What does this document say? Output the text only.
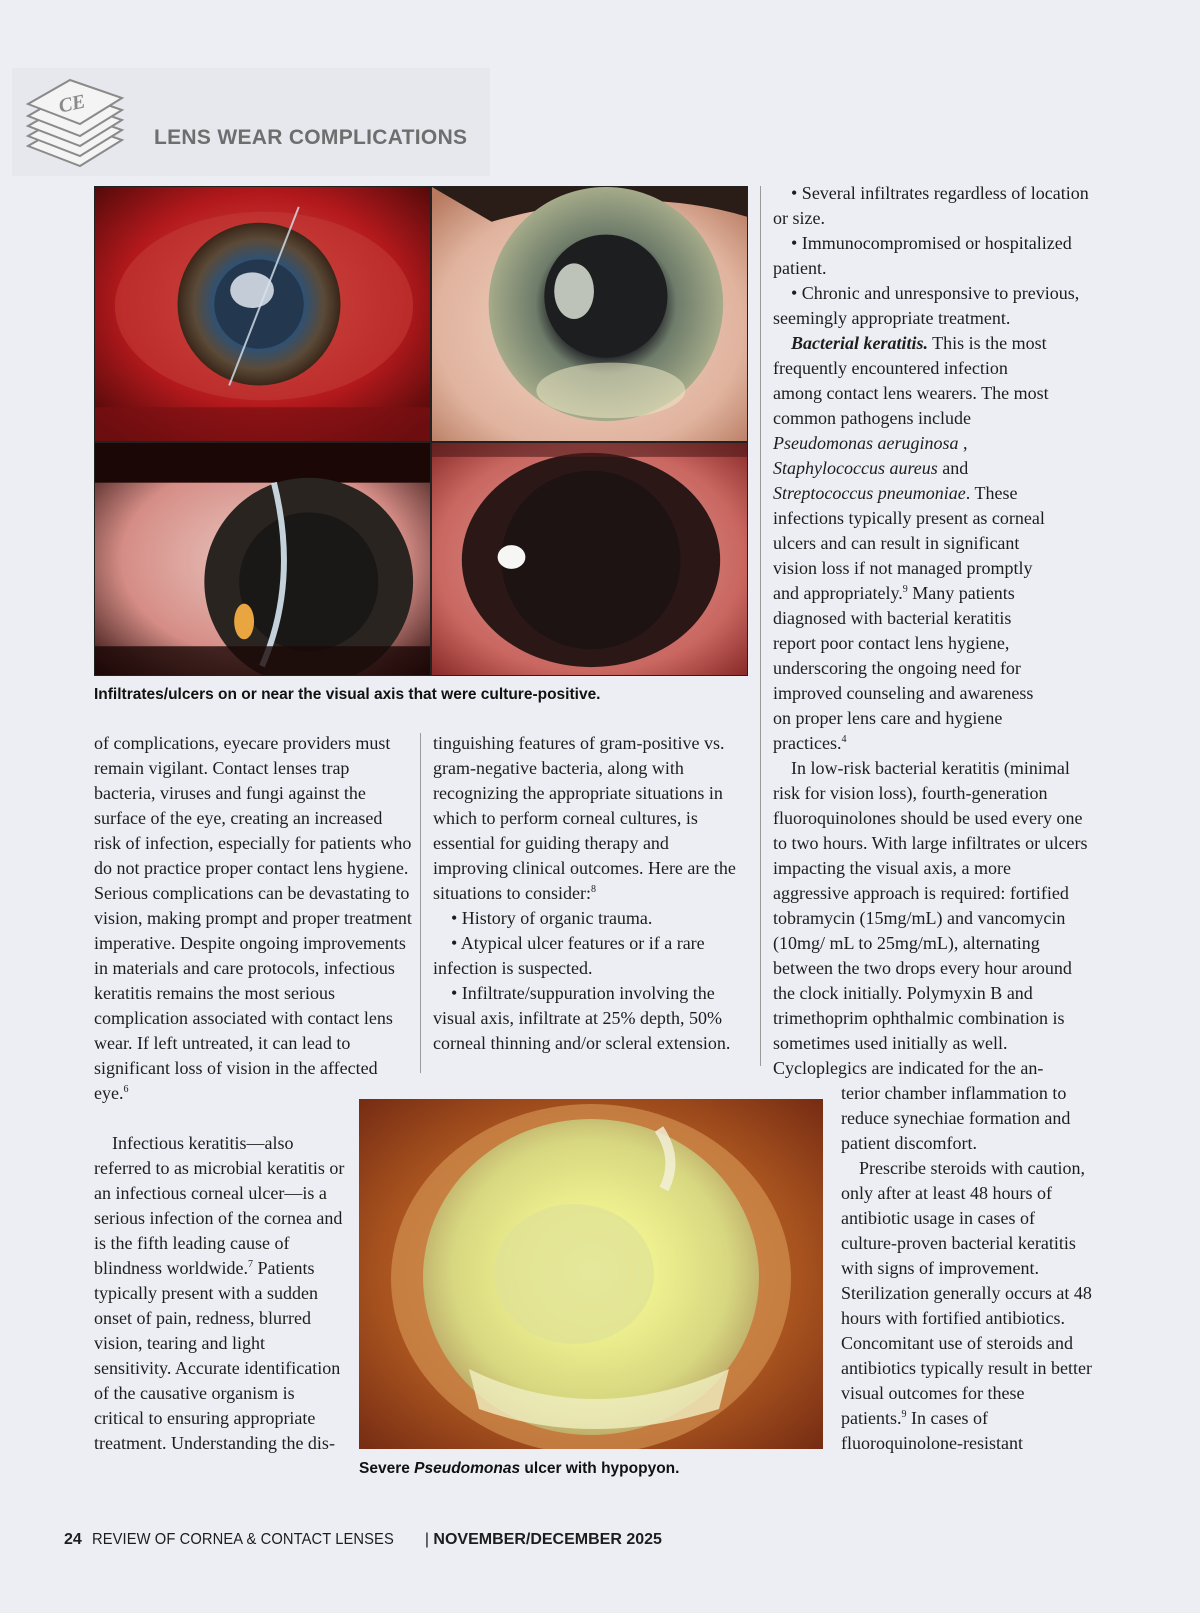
CE
LENS WEAR COMPLICATIONS
Infiltrates/ulcers on or near the visual axis that were culture-positive.

of complications, eyecare providers must remain vigilant. Contact lenses trap bacteria, viruses and fungi against the surface of the eye, creating an increased risk of infection, especially for patients who do not practice proper contact lens hygiene. Serious complications can be devastating to vision, making prompt and proper treatment imperative. Despite ongoing improvements in materials and care protocols, infectious keratitis remains the most serious complication associated with contact lens wear. If left untreated, it can lead to significant loss of vision in the affected eye.$^6$

Infectious keratitis—also referred to as microbial keratitis or an infectious corneal ulcer—is a serious infection of the cornea and is the fifth leading cause of blindness worldwide.$^7$ Patients typically present with a sudden onset of pain, redness, blurred vision, tearing and light sensitivity. Accurate identification of the causative organism is critical to ensuring appropriate treatment. Understanding the dis-

tinguishing features of gram-positive vs. gram-negative bacteria, along with recognizing the appropriate situations in which to perform corneal cultures, is essential for guiding therapy and improving clinical outcomes. Here are the situations to consider:$^8$

• History of organic trauma.

• Atypical ulcer features or if a rare infection is suspected.

• Infiltrate/suppuration involving the visual axis, infiltrate at 25% depth, 50% corneal thinning and/or scleral extension.

• Several infiltrates regardless of location or size.

• Immunocompromised or hospitalized patient.

• Chronic and unresponsive to previous, seemingly appropriate treatment.

Bacterial keratitis. This is the most frequently encountered infection among contact lens wearers. The most common pathogens include Pseudomonas aeruginosa , Staphylococcus aureus and Streptococcus pneumoniae. These infections typically present as corneal ulcers and can result in significant vision loss if not managed promptly and appropriately.$^9$ Many patients diagnosed with bacterial keratitis report poor contact lens hygiene, underscoring the ongoing need for improved counseling and awareness on proper lens care and hygiene practices.$^4$

In low-risk bacterial keratitis (minimal risk for vision loss), fourth-generation fluoroquinolones should be used every one to two hours. With large infiltrates or ulcers impacting the visual axis, a more aggressive approach is required: fortified tobramycin (15mg/mL) and vancomycin (10mg/ mL to 25mg/mL), alternating between the two drops every hour around the clock initially. Polymyxin B and trimethoprim ophthalmic combination is sometimes used initially as well. Cycloplegics are indicated for the an-

terior chamber inflammation to reduce synechiae formation and patient discomfort.

Prescribe steroids with caution, only after at least 48 hours of antibiotic usage in cases of culture-proven bacterial keratitis with signs of improvement. Sterilization generally occurs at 48 hours with fortified antibiotics. Concomitant use of steroids and antibiotics typically result in better visual outcomes for these patients.$^9$ In cases of fluoroquinolone-resistant

Severe Pseudomonas ulcer with hypopyon.
24 REVIEW OF CORNEA & CONTACT LENSES | NOVEMBER/DECEMBER 2025
